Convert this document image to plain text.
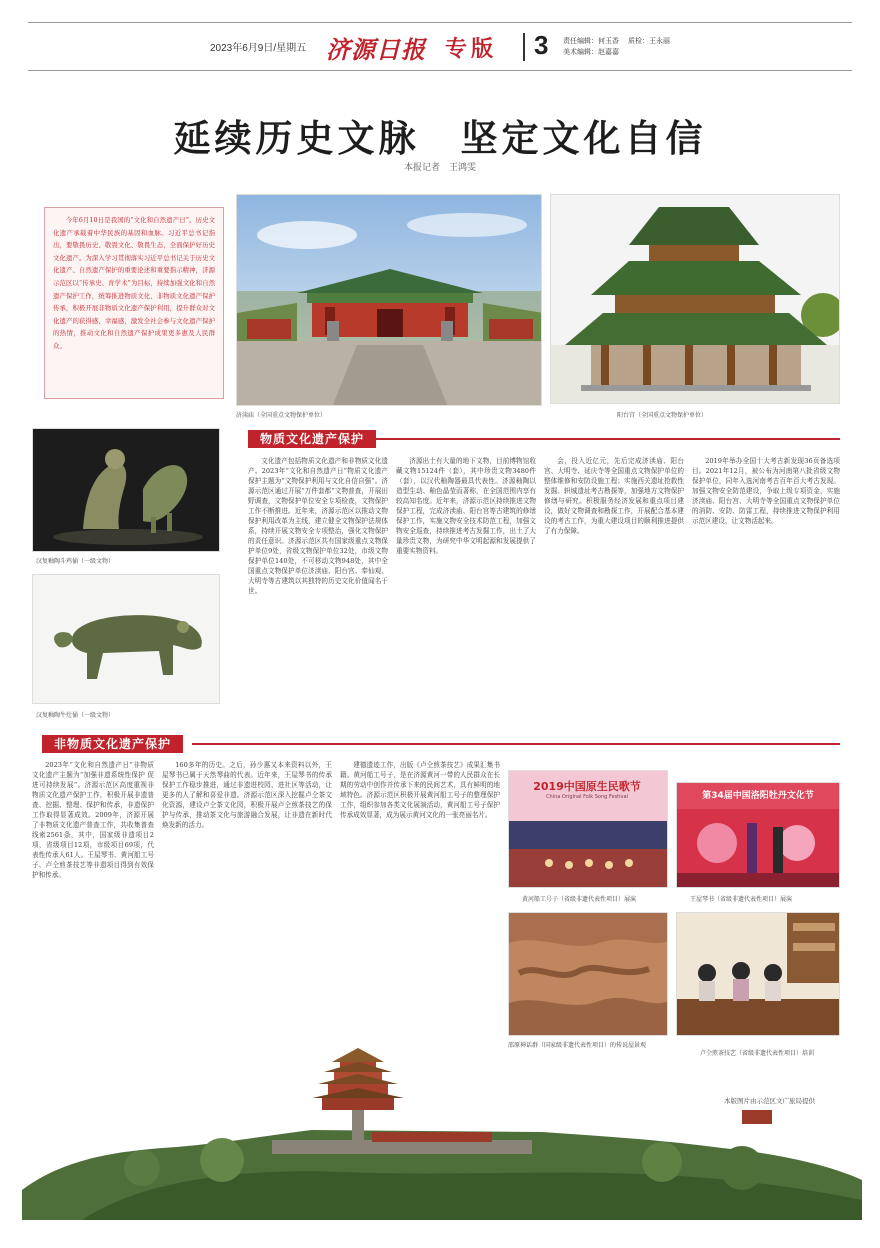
2023年6月9日/星期五 济源日报 专版 3 责任编辑：何玉香
美术编辑：赵嘉嘉
质检：王永丽
延续历史文脉　坚定文化自信
本报记者　王鸿雯
今年6月10日是我国的“文化和自然遗产日”。历史文化遗产承载着中华民族的基因和血脉。习近平总书记指出，要敬畏历史、敬畏文化、敬畏生态，全面保护好历史文化遗产。为深入学习贯彻落实习近平总书记关于历史文化遗产、自然遗产保护的重要论述和重要指示精神，济源示范区以“传承史、育学术”为目标，持续加强文化和自然遗产保护工作，统筹推进物质文化、非物质文化遗产保护传承，积极开展非物质文化遗产保护利用，提升群众对文化遗产的获得感、幸福感，激发全社会参与文化遗产保护的热情，推动文化和自然遗产保护成果更多惠及人民群众。
济渎庙（全国重点文物保护单位）	阳台宫（全国重点文物保护单位）
汉复釉陶斗鸡俑（一级文物）
汉复釉陶牛灶俑（一级文物）
物质文化遗产保护
文化遗产包括物质文化遗产和非物质文化遗产。2023年“文化和自然遗产日”物质文化遗产保护主题为“文物保护利用与文化自信自强”。济源示范区通过开展“万件套都”文物普查，开展田野调查，文物保护单位安全专项检查，文物保护工作不断推进。近年来，济源示范区以推动文物保护利用改革为主线，建立健全文物保护法规体系，持续开展文物安全专项整治，强化文物保护的责任意识。济源示范区共有国家级重点文物保护单位9处，省级文物保护单位32处，市级文物保护单位140处，不可移动文物948处，其中全国重点文物保护单位济渎庙、阳台宫、奉仙观、大明寺等古建筑以其独特的历史文化价值闻名于世。
济源出土有大量的地下文物，目前博物馆收藏文物15124件（套），其中珍贵文物3480件（套），以汉代釉陶器最具代表性。济源釉陶以造型生动、釉色晶莹而著称，在全国范围内享有较高知名度。近年来，济源示范区持续推进文物保护工程，完成济渎庙、阳台宫等古建筑的修缮保护工作，实施文物安全技术防范工程，加强文物安全巡查，持续推进考古发掘工作，出土了大量珍贵文物，为研究中华文明起源和发展提供了重要实物资料。
会，投入近亿元，先后完成济渎庙、阳台宫、大明寺、延庆寺等全国重点文物保护单位的整体维修和安防设施工程；实施西关遗址抢救性发掘、轵城遗址考古勘探等，加强地方文物保护修缮与研究。积极服务经济发展和重点项目建设，做好文物调查和勘探工作，开展配合基本建设的考古工作，为重大建设项目的顺利推进提供了有力保障。
2019年举办全国十大考古新发现36页备选项目。2021年12月，被公布为河南第八批省级文物保护单位，同年入选河南考古百年百大考古发现。加强文物安全防范建设，争取上级专项资金，实施济渎庙、阳台宫、大明寺等全国重点文物保护单位的消防、安防、防雷工程，持续推进文物保护利用示范区建设，让文物活起来。
非物质文化遗产保护
2023年“文化和自然遗产日”非物质文化遗产主题为“加强非遗系统性保护 促进可持续发展”。济源示范区高度重视非物质文化遗产保护工作，积极开展非遗普查、挖掘、整理、保护和传承，非遗保护工作取得显著成效。2009年，济源开展了非物质文化遗产普查工作，共收集普查线索2561条，其中，国家级非遗项目2项，省级项目12项，市级项目69项，代表性传承人61人。王屋琴书、黄河船工号子、卢仝煎茶技艺等非遗项目得到有效保护和传承。
160多年的历史。之后，孙少惠又本来资料以外，王屋琴书已属于天然琴曲的代表。近年来，王屋琴书的传承保护工作稳步推进，通过非遗进校园、进社区等活动，让更多的人了解和喜爱非遗。济源示范区深入挖掘卢仝茶文化资源，建设卢仝茶文化园，积极开展卢仝煎茶技艺的保护与传承，推动茶文化与旅游融合发展，让非遗在新时代焕发新的活力。
建德遗迹工作，出版《卢仝煎茶技艺》成果汇集书籍。黄河船工号子，是在济源黄河一带的人民群众在长期的劳动中创作并传承下来的民间艺术，具有鲜明的地域特色。济源示范区积极开展黄河船工号子的整理保护工作，组织参加各类文化展演活动，黄河船工号子保护传承成效显著，成为展示黄河文化的一张亮丽名片。
2019中国原生民歌节
China Original Folk Song Festival
黄河船工号子（省级非遗代表性项目）展演
第34届中国洛阳牡丹文化节
王屋琴书（省级非遗代表性项目）展演
邵原神话群（国家级非遗代表性项目）的传说屋景观
卢仝煎茶技艺（省级非遗代表性项目）培训
本版图片由示范区文广旅局提供
